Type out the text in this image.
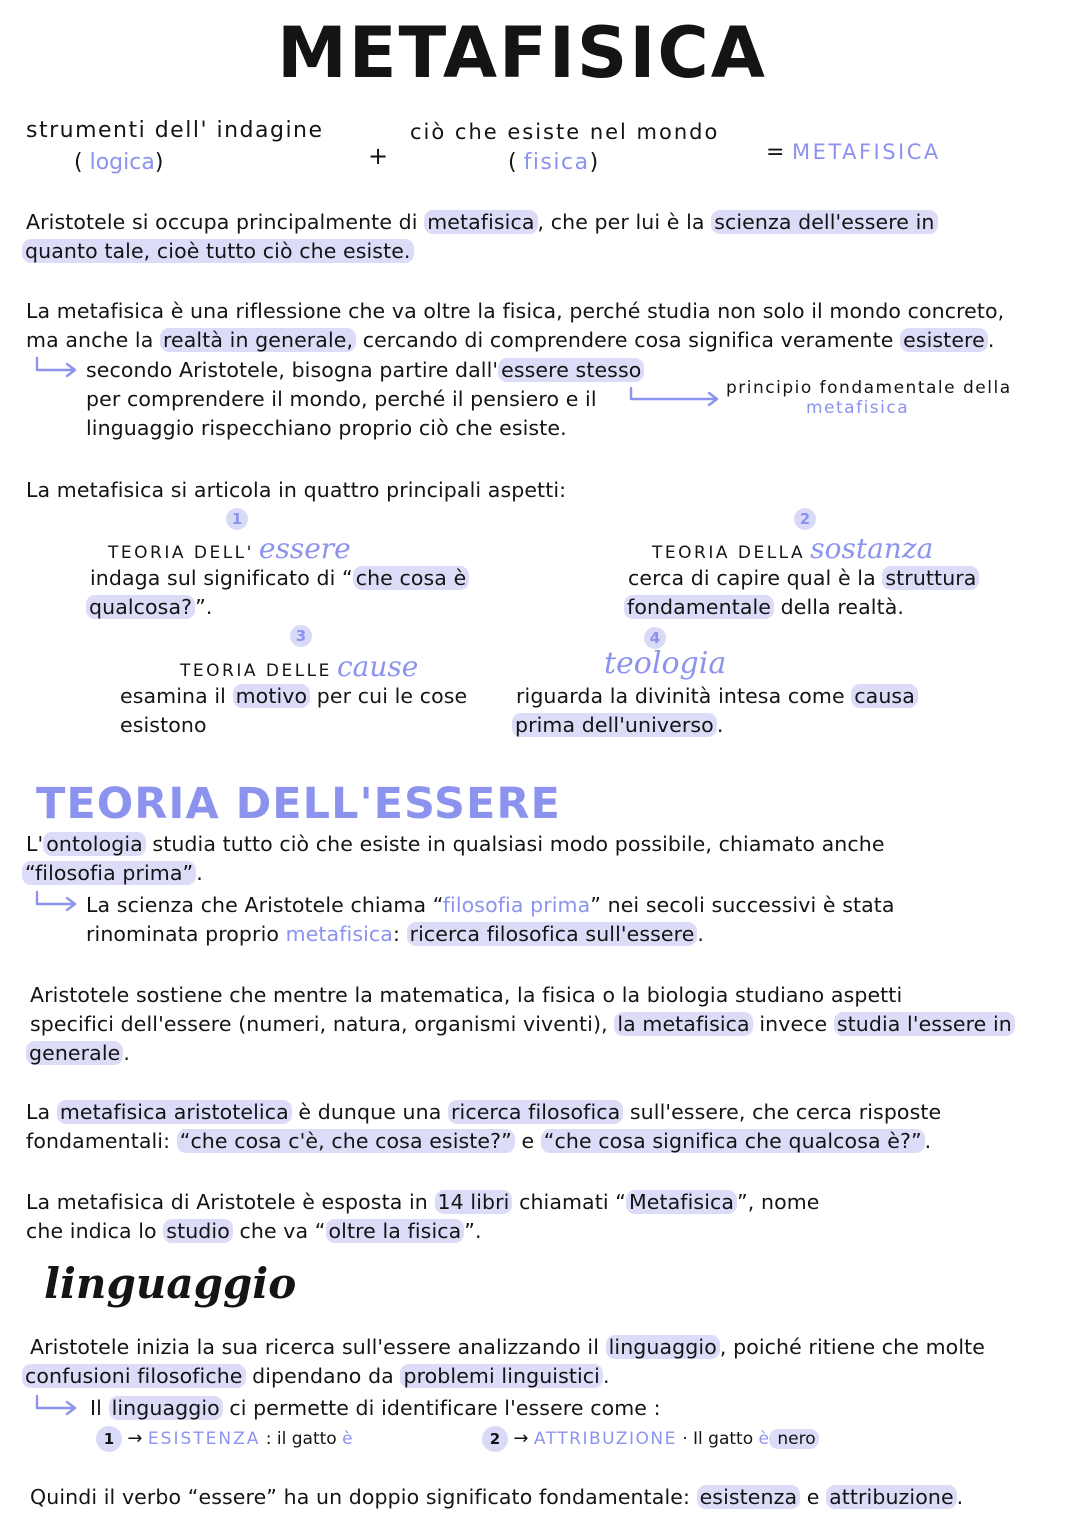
METAFISICA
strumenti dell' indagine
( logica)	+
ciò che esiste nel mondo
( fisica)	= METAFISICA
Aristotele si occupa principalmente di metafisica , che per lui è la scienza dell'essere in
quanto tale, cioè tutto ciò che esiste.
La metafisica è una riflessione che va oltre la fisica, perché studia non solo il mondo concreto,
ma anche la realtà in generale, cercando di comprendere cosa significa veramente esistere .
secondo Aristotele, bisogna partire dall' essere stesso
per comprendere il mondo, perché il pensiero e il
linguaggio rispecchiano proprio ciò che esiste.
principio fondamentale della
metafisica
La metafisica si articola in quattro principali aspetti:
1
TEORIA DELL' essere
indaga sul significato di “ che cosa è
qualcosa? ”.
2
TEORIA DELLA sostanza
cerca di capire qual è la struttura
fondamentale della realtà.
3
TEORIA DELLE cause
esamina il motivo per cui le cose
esistono
4
teologia
riguarda la divinità intesa come causa
prima dell'universo .
TEORIA DELL'ESSERE
L' ontologia studia tutto ciò che esiste in qualsiasi modo possibile, chiamato anche
“filosofia prima” .
La scienza che Aristotele chiama “filosofia prima” nei secoli successivi è stata
rinominata proprio metafisica: ricerca filosofica sull'essere .
Aristotele sostiene che mentre la matematica, la fisica o la biologia studiano aspetti
specifici dell'essere (numeri, natura, organismi viventi), la metafisica invece studia l'essere in
generale .
La metafisica aristotelica è dunque una ricerca filosofica sull'essere, che cerca risposte
fondamentali: “che cosa c'è, che cosa esiste?” e “che cosa significa che qualcosa è?” .
La metafisica di Aristotele è esposta in 14 libri chiamati “ Metafisica ”, nome
che indica lo studio che va “ oltre la fisica ”.
linguaggio
Aristotele inizia la sua ricerca sull'essere analizzando il linguaggio , poiché ritiene che molte
confusioni filosofiche dipendano da problemi linguistici .
Il linguaggio ci permette di identificare l'essere come :
1 → ESISTENZA : il gatto è	2 → ATTRIBUZIONE · Il gatto è nero
Quindi il verbo “essere” ha un doppio significato fondamentale: esistenza e attribuzione .
